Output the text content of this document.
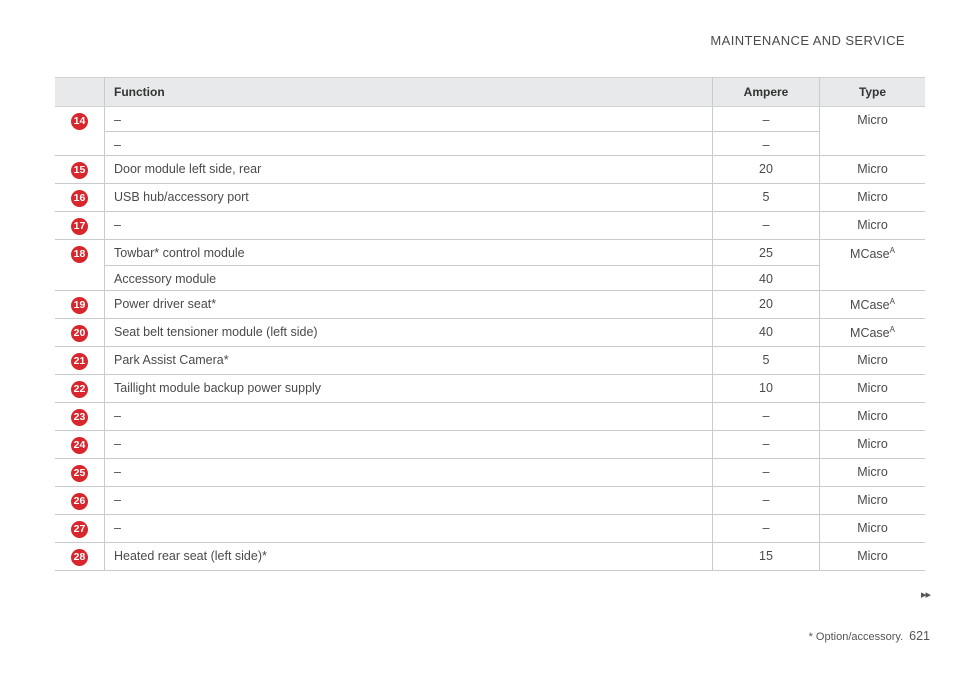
MAINTENANCE AND SERVICE
	Function	Ampere	Type
14	–	–	Micro
	–	–	
15	Door module left side, rear	20	Micro
16	USB hub/accessory port	5	Micro
17	–	–	Micro
18	Towbar* control module	25	MCase$^A$
	Accessory module	40	
19	Power driver seat*	20	MCase$^A$
20	Seat belt tensioner module (left side)	40	MCase$^A$
21	Park Assist Camera*	5	Micro
22	Taillight module backup power supply	10	Micro
23	–	–	Micro
24	–	–	Micro
25	–	–	Micro
26	–	–	Micro
27	–	–	Micro
28	Heated rear seat (left side)*	15	Micro
▸▸
* Option/accessory. 621
